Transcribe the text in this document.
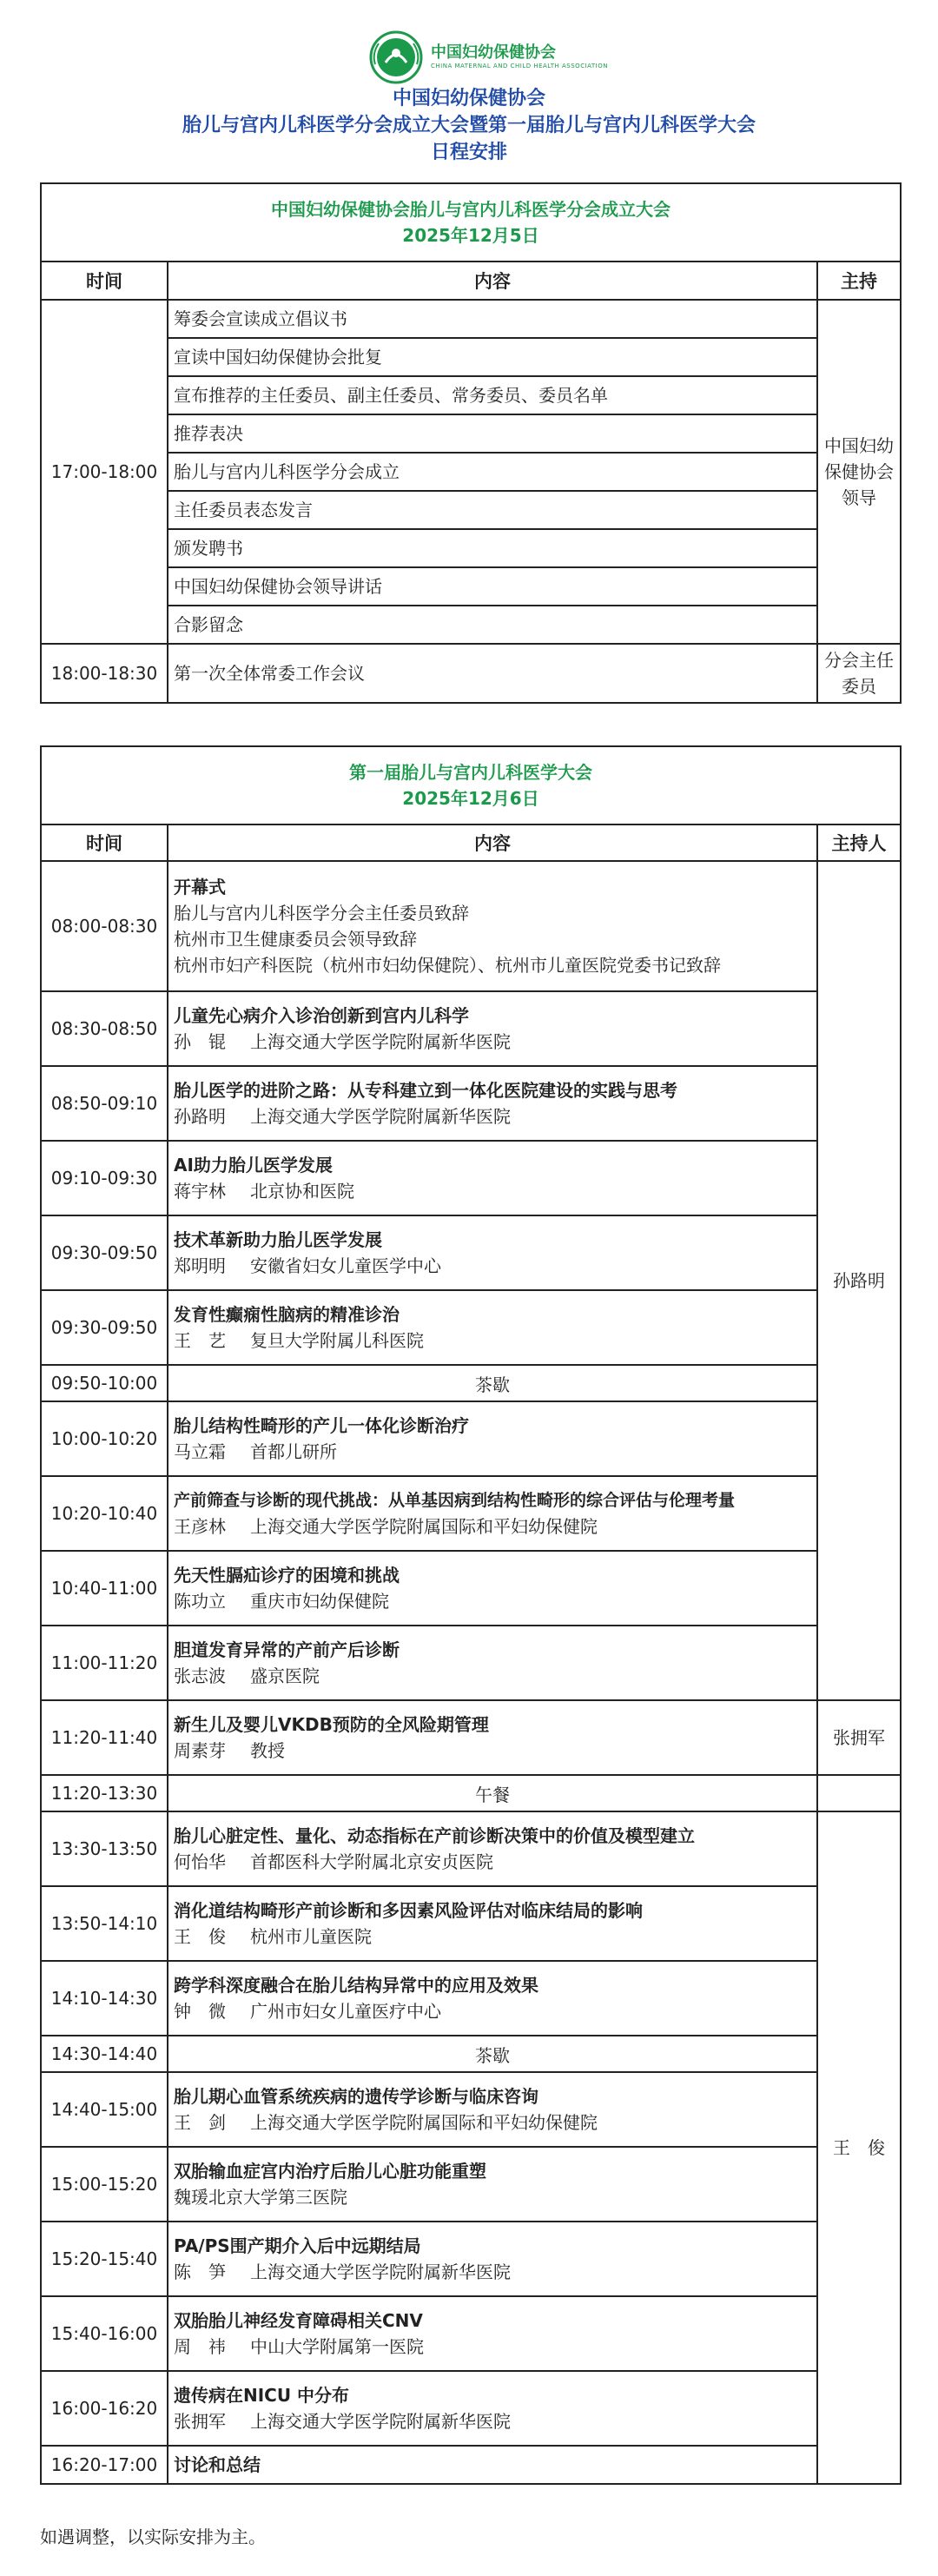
中国妇幼保健协会
CHINA MATERNAL AND CHILD HEALTH ASSOCIATION
中国妇幼保健协会
胎儿与宫内儿科医学分会成立大会暨第一届胎儿与宫内儿科医学大会
日程安排
中国妇幼保健协会胎儿与宫内儿科医学分会成立大会
2025年12月5日		

时间	内容	主持
17:00-18:00	筹委会宣读成立倡议书	中国妇幼保健协会领导

	宣读中国妇幼保健协会批复	
	宣布推荐的主任委员、副主任委员、常务委员、委员名单	
	推荐表决	
	胎儿与宫内儿科医学分会成立	
	主任委员表态发言	
	颁发聘书	
	中国妇幼保健协会领导讲话	
	合影留念	
18:00-18:30	第一次全体常委工作会议	分会主任委员
第一届胎儿与宫内儿科医学大会
2025年12月6日		

时间	内容	主持人
08:00-08:30	开幕式
胎儿与宫内儿科医学分会主任委员致辞
杭州市卫生健康委员会领导致辞
杭州市妇产科医院（杭州市妇幼保健院）、杭州市儿童医院党委书记致辞	孙路明
08:30-08:50	儿童先心病介入诊治创新到宫内儿科学
孙　锟 上海交通大学医学院附属新华医院	

08:50-09:10	胎儿医学的进阶之路：从专科建立到一体化医院建设的实践与思考
孙路明 上海交通大学医学院附属新华医院	

09:10-09:30	AI助力胎儿医学发展
蒋宇林 北京协和医院	

09:30-09:50	技术革新助力胎儿医学发展
郑明明 安徽省妇女儿童医学中心	

09:30-09:50	发育性癫痫性脑病的精准诊治
王　艺 复旦大学附属儿科医院	

09:50-10:00	茶歇	
10:00-10:20	胎儿结构性畸形的产儿一体化诊断治疗
马立霜 首都儿研所	

10:20-10:40	产前筛查与诊断的现代挑战：从单基因病到结构性畸形的综合评估与伦理考量
王彦林 上海交通大学医学院附属国际和平妇幼保健院	

10:40-11:00	先天性膈疝诊疗的困境和挑战
陈功立 重庆市妇幼保健院	

11:00-11:20	胆道发育异常的产前产后诊断
张志波 盛京医院	

11:20-11:40	新生儿及婴儿VKDB预防的全风险期管理
周素芽 教授	张拥军
11:20-13:30	午餐	
13:30-13:50	胎儿心脏定性、量化、动态指标在产前诊断决策中的价值及模型建立
何怡华 首都医科大学附属北京安贞医院	王　俊
13:50-14:10	消化道结构畸形产前诊断和多因素风险评估对临床结局的影响
王　俊 杭州市儿童医院	

14:10-14:30	跨学科深度融合在胎儿结构异常中的应用及效果
钟　微 广州市妇女儿童医疗中心	

14:30-14:40	茶歇	
14:40-15:00	胎儿期心血管系统疾病的遗传学诊断与临床咨询
王　剑 上海交通大学医学院附属国际和平妇幼保健院	

15:00-15:20	双胎输血症宫内治疗后胎儿心脏功能重塑
魏瑗北京大学第三医院	

15:20-15:40	PA/PS围产期介入后中远期结局
陈　笋 上海交通大学医学院附属新华医院	

15:40-16:00	双胎胎儿神经发育障碍相关CNV
周　祎 中山大学附属第一医院	

16:00-16:20	遗传病在NICU 中分布
张拥军 上海交通大学医学院附属新华医院	

16:20-17:00	讨论和总结	
如遇调整，以实际安排为主。
